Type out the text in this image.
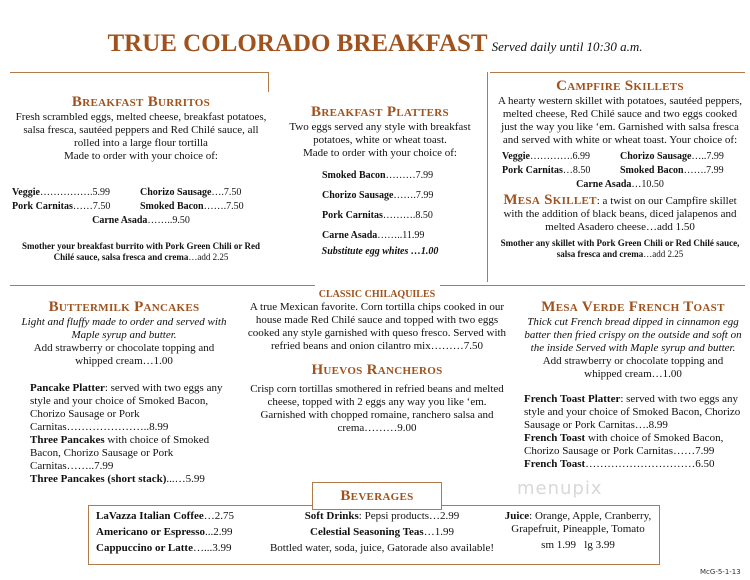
TRUE COLORADO BREAKFAST Served daily until 10:30 a.m.
Breakfast Burritos
Fresh scrambled eggs, melted cheese, breakfast potatoes, salsa fresca, sautéed peppers and Red Chilé sauce, all rolled into a large flour tortilla
Made to order with your choice of:
Veggie…………….5.99	Chorizo Sausage….7.50
Pork Carnitas……7.50	Smoked Bacon…….7.50
Carne Asada……..9.50
Smother your breakfast burrito with Pork Green Chili or Red Chilé sauce, salsa fresca and crema…add 2.25
Breakfast Platters
Two eggs served any style with breakfast potatoes, white or wheat toast.
Made to order with your choice of:
Smoked Bacon………7.99
Chorizo Sausage…….7.99
Pork Carnitas……….8.50
Carne Asada……..11.99
Substitute egg whites …1.00
Campfire Skillets
A hearty western skillet with potatoes, sautéed peppers, melted cheese, Red Chilé sauce and two eggs cooked just the way you like ‘em. Garnished with salsa fresca and served with white or wheat toast. Your choice of:
Veggie………….6.99	Chorizo Sausage…..7.99
Pork Carnitas…8.50	Smoked Bacon…….7.99
Carne Asada…10.50
Mesa Skillet: a twist on our Campfire skillet with the addition of black beans, diced jalapenos and melted Asadero cheese…add 1.50
Smother any skillet with Pork Green Chili or Red Chilé sauce, salsa fresca and crema…add 2.25
Buttermilk Pancakes
Light and fluffy made to order and served with Maple syrup and butter.
Add strawberry or chocolate topping and whipped cream…1.00
Pancake Platter: served with two eggs any style and your choice of Smoked Bacon, Chorizo Sausage or Pork Carnitas…………………..8.99
Three Pancakes with choice of Smoked Bacon, Chorizo Sausage or Pork Carnitas……..7.99
Three Pancakes (short stack)...…5.99
CLASSIC CHILAQUILES
A true Mexican favorite. Corn tortilla chips cooked in our house made Red Chilé sauce and topped with two eggs cooked any style garnished with queso fresco. Served with refried beans and onion cilantro mix………7.50
Huevos Rancheros
Crisp corn tortillas smothered in refried beans and melted cheese, topped with 2 eggs any way you like ‘em. Garnished with chopped romaine, ranchero salsa and crema………9.00
Mesa Verde French Toast
Thick cut French bread dipped in cinnamon egg batter then fried crispy on the outside and soft on the inside Served with Maple syrup and butter.
Add strawberry or chocolate topping and whipped cream…1.00
French Toast Platter: served with two eggs any style and your choice of Smoked Bacon, Chorizo Sausage or Pork Carnitas….8.99
French Toast with choice of Smoked Bacon, Chorizo Sausage or Pork Carnitas……7.99
French Toast…………………………6.50
menupix
Beverages
LaVazza Italian Coffee…2.75
Americano or Espresso...2.99
Cappuccino or Latte…...3.99
Soft Drinks: Pepsi products…2.99
Celestial Seasoning Teas…1.99
Bottled water, soda, juice, Gatorade also available!
Juice: Orange, Apple, Cranberry, Grapefruit, Pineapple, Tomato
sm 1.99   lg 3.99
McG-5-1-13
